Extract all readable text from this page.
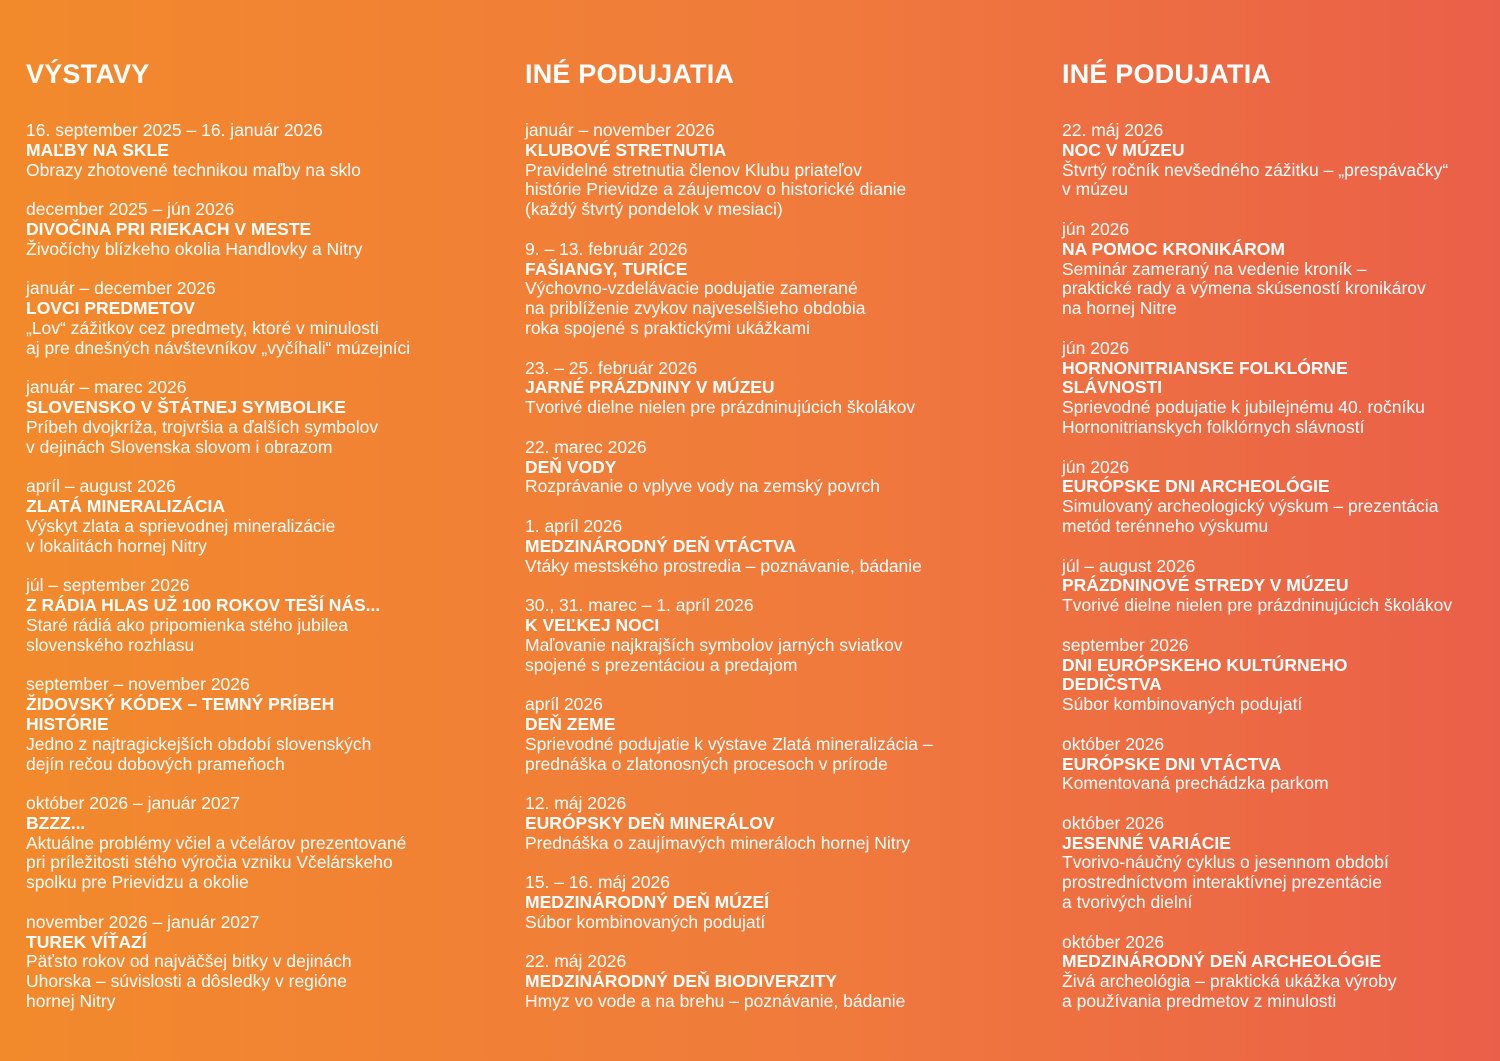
VÝSTAVY
16. september 2025 – 16. január 2026
MAĽBY NA SKLE
Obrazy zhotovené technikou maľby na sklo
december 2025 – jún 2026
DIVOČINA PRI RIEKACH V MESTE
Živočíchy blízkeho okolia Handlovky a Nitry
január – december 2026
LOVCI PREDMETOV
„Lov“ zážitkov cez predmety, ktoré v minulosti
aj pre dnešných návštevníkov „vyčíhali“ múzejníci
január – marec 2026
SLOVENSKO V ŠTÁTNEJ SYMBOLIKE
Príbeh dvojkríža, trojvršia a ďalších symbolov
v dejinách Slovenska slovom i obrazom
apríl – august 2026
ZLATÁ MINERALIZÁCIA
Výskyt zlata a sprievodnej mineralizácie
v lokalitách hornej Nitry
júl – september 2026
Z RÁDIA HLAS UŽ 100 ROKOV TEŠÍ NÁS...
Staré rádiá ako pripomienka stého jubilea
slovenského rozhlasu
september – november 2026
ŽIDOVSKÝ KÓDEX – TEMNÝ PRÍBEH
HISTÓRIE
Jedno z najtragickejších období slovenských
dejín rečou dobových prameňoch
október 2026 – január 2027
BZZZ...
Aktuálne problémy včiel a včelárov prezentované
pri príležitosti stého výročia vzniku Včelárskeho
spolku pre Prievidzu a okolie
november 2026 – január 2027
TUREK VÍŤAZÍ
Päťsto rokov od najväčšej bitky v dejinách
Uhorska – súvislosti a dôsledky v regióne
hornej Nitry
INÉ PODUJATIA
január – november 2026
KLUBOVÉ STRETNUTIA
Pravidelné stretnutia členov Klubu priateľov
histórie Prievidze a záujemcov o historické dianie
(každý štvrtý pondelok v mesiaci)
9. – 13. február 2026
FAŠIANGY, TURÍCE
Výchovno-vzdelávacie podujatie zamerané
na priblíženie zvykov najveselšieho obdobia
roka spojené s praktickými ukážkami
23. – 25. február 2026
JARNÉ PRÁZDNINY V MÚZEU
Tvorivé dielne nielen pre prázdninujúcich školákov
22. marec 2026
DEŇ VODY
Rozprávanie o vplyve vody na zemský povrch
1. apríl 2026
MEDZINÁRODNÝ DEŇ VTÁCTVA
Vtáky mestského prostredia – poznávanie, bádanie
30., 31. marec – 1. apríl 2026
K VEĽKEJ NOCI
Maľovanie najkrajších symbolov jarných sviatkov
spojené s prezentáciou a predajom
apríl 2026
DEŇ ZEME
Sprievodné podujatie k výstave Zlatá mineralizácia –
prednáška o zlatonosných procesoch v prírode
12. máj 2026
EURÓPSKY DEŇ MINERÁLOV
Prednáška o zaujímavých mineráloch hornej Nitry
15. – 16. máj 2026
MEDZINÁRODNÝ DEŇ MÚZEÍ
Súbor kombinovaných podujatí
22. máj 2026
MEDZINÁRODNÝ DEŇ BIODIVERZITY
Hmyz vo vode a na brehu – poznávanie, bádanie
INÉ PODUJATIA
22. máj 2026
NOC V MÚZEU
Štvrtý ročník nevšedného zážitku – „prespávačky“
v múzeu
jún 2026
NA POMOC KRONIKÁROM
Seminár zameraný na vedenie kroník –
praktické rady a výmena skúseností kronikárov
na hornej Nitre
jún 2026
HORNONITRIANSKE FOLKLÓRNE
SLÁVNOSTI
Sprievodné podujatie k jubilejnému 40. ročníku
Hornonitrianskych folklórnych slávností
jún 2026
EURÓPSKE DNI ARCHEOLÓGIE
Simulovaný archeologický výskum – prezentácia
metód terénneho výskumu
júl – august 2026
PRÁZDNINOVÉ STREDY V MÚZEU
Tvorivé dielne nielen pre prázdninujúcich školákov
september 2026
DNI EURÓPSKEHO KULTÚRNEHO
DEDIČSTVA
Súbor kombinovaných podujatí
október 2026
EURÓPSKE DNI VTÁCTVA
Komentovaná prechádzka parkom
október 2026
JESENNÉ VARIÁCIE
Tvorivo-náučný cyklus o jesennom období
prostredníctvom interaktívnej prezentácie
a tvorivých dielní
október 2026
MEDZINÁRODNÝ DEŇ ARCHEOLÓGIE
Živá archeológia – praktická ukážka výroby
a používania predmetov z minulosti
